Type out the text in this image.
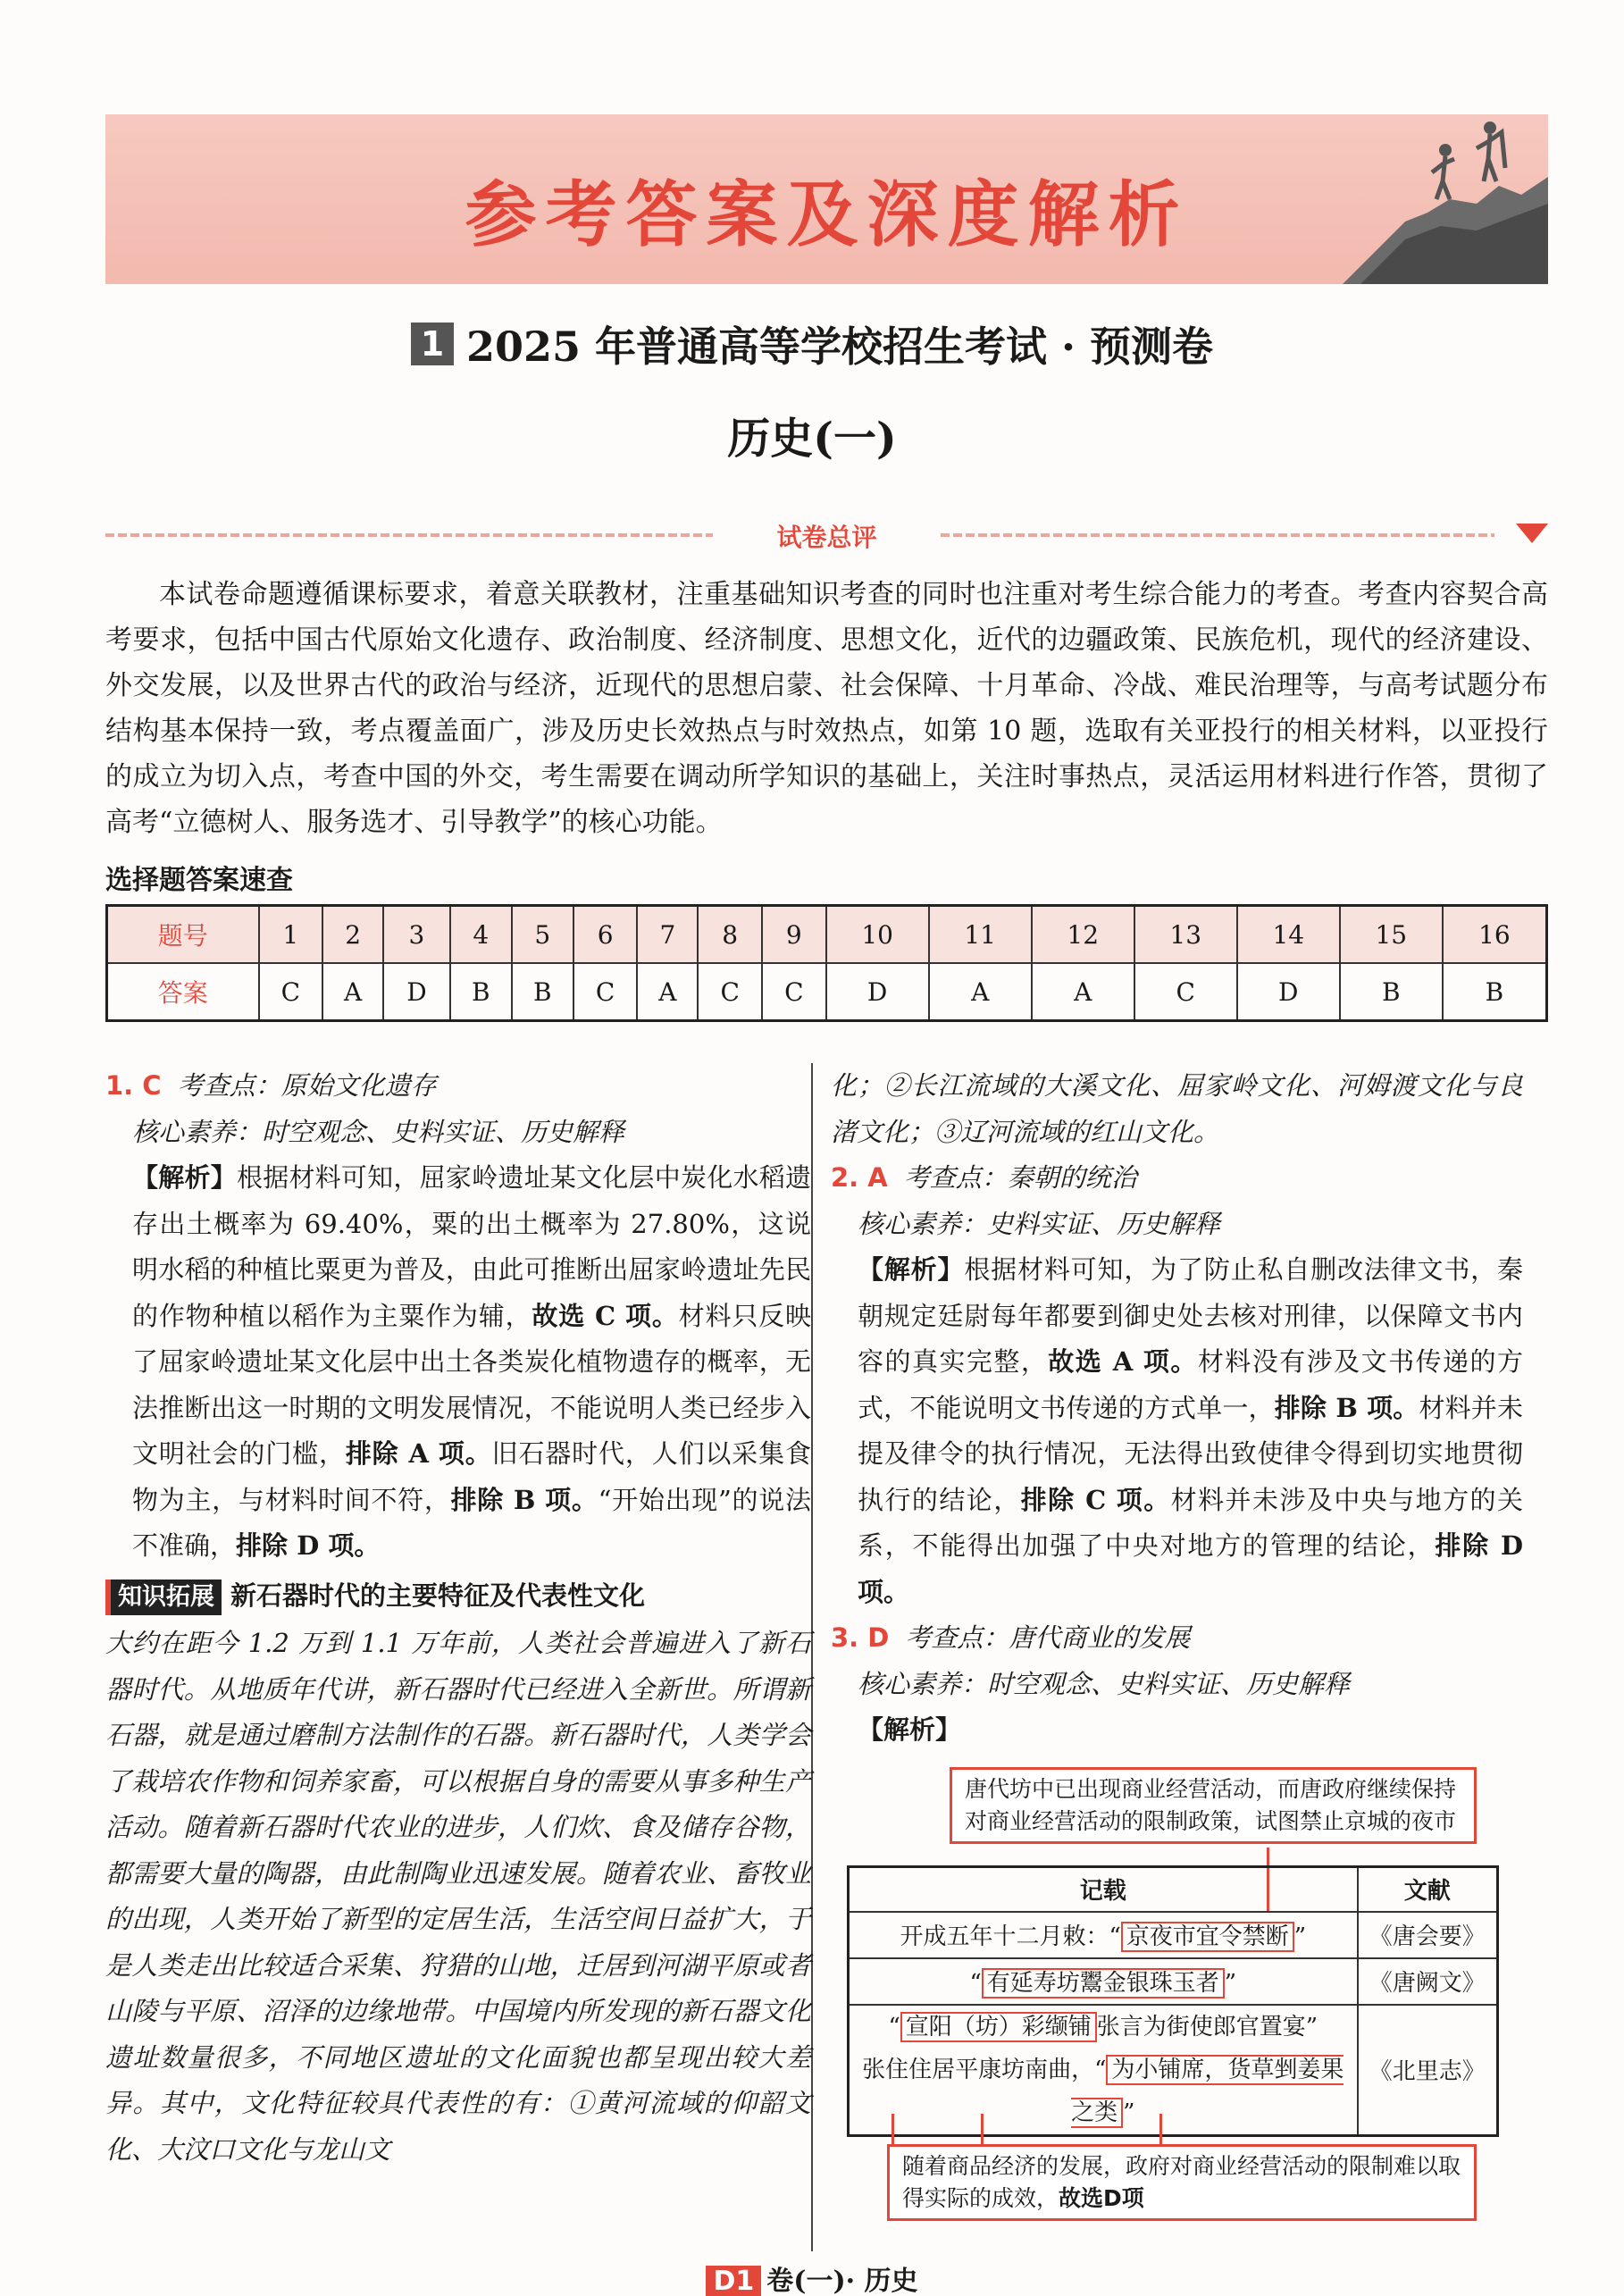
参考答案及深度解析
1 2025 年普通高等学校招生考试 · 预测卷
历史(一)
试卷总评
本试卷命题遵循课标要求，着意关联教材，注重基础知识考查的同时也注重对考生综合能力的考查。考查内容契合高考要求，包括中国古代原始文化遗存、政治制度、经济制度、思想文化，近代的边疆政策、民族危机，现代的经济建设、外交发展，以及世界古代的政治与经济，近现代的思想启蒙、社会保障、十月革命、冷战、难民治理等，与高考试题分布结构基本保持一致，考点覆盖面广，涉及历史长效热点与时效热点，如第 10 题，选取有关亚投行的相关材料，以亚投行的成立为切入点，考查中国的外交，考生需要在调动所学知识的基础上，关注时事热点，灵活运用材料进行作答，贯彻了高考“立德树人、服务选才、引导教学”的核心功能。
选择题答案速查
题号	1	2	3	4	5	6	7	8	9	10	11	12	13	14	15	16
答案	C	A	D	B	B	C	A	C	C	D	A	A	C	D	B	B
1. C 考查点：原始文化遗存
核心素养：时空观念、史料实证、历史解释
【解析】根据材料可知，屈家岭遗址某文化层中炭化水稻遗存出土概率为 69.40%，粟的出土概率为 27.80%，这说明水稻的种植比粟更为普及，由此可推断出屈家岭遗址先民的作物种植以稻作为主粟作为辅，故选 C 项。材料只反映了屈家岭遗址某文化层中出土各类炭化植物遗存的概率，无法推断出这一时期的文明发展情况，不能说明人类已经步入文明社会的门槛，排除 A 项。旧石器时代，人们以采集食物为主，与材料时间不符，排除 B 项。“开始出现”的说法不准确，排除 D 项。
知识拓展 新石器时代的主要特征及代表性文化
大约在距今 1.2 万到 1.1 万年前，人类社会普遍进入了新石器时代。从地质年代讲，新石器时代已经进入全新世。所谓新石器，就是通过磨制方法制作的石器。新石器时代，人类学会了栽培农作物和饲养家畜，可以根据自身的需要从事多种生产活动。随着新石器时代农业的进步，人们炊、食及储存谷物，都需要大量的陶器，由此制陶业迅速发展。随着农业、畜牧业的出现，人类开始了新型的定居生活，生活空间日益扩大，于是人类走出比较适合采集、狩猎的山地，迁居到河湖平原或者山陵与平原、沼泽的边缘地带。中国境内所发现的新石器文化遗址数量很多，不同地区遗址的文化面貌也都呈现出较大差异。其中，文化特征较具代表性的有：①黄河流域的仰韶文化、大汶口文化与龙山文
化；②长江流域的大溪文化、屈家岭文化、河姆渡文化与良渚文化；③辽河流域的红山文化。
2. A 考查点：秦朝的统治
核心素养：史料实证、历史解释
【解析】根据材料可知，为了防止私自删改法律文书，秦朝规定廷尉每年都要到御史处去核对刑律，以保障文书内容的真实完整，故选 A 项。材料没有涉及文书传递的方式，不能说明文书传递的方式单一，排除 B 项。材料并未提及律令的执行情况，无法得出致使律令得到切实地贯彻执行的结论，排除 C 项。材料并未涉及中央与地方的关系，不能得出加强了中央对地方的管理的结论，排除 D 项。
3. D 考查点：唐代商业的发展
核心素养：时空观念、史料实证、历史解释
【解析】
唐代坊中已出现商业经营活动，而唐政府继续保持对商业经营活动的限制政策，试图禁止京城的夜市
记载	文献
开成五年十二月敕：“ 京夜市宜令禁断 ”	《唐会要》
“ 有延寿坊鬻金银珠玉者 ”	《唐阙文》

“ 宣阳（坊）彩缬铺 张言为街使郎官置宴”
张住住居平康坊南曲，“ 为小铺席，货草剉姜果之类 ”	《北里志》
随着商品经济的发展，政府对商业经营活动的限制难以取得实际的成效，故选D项
D1 卷(一)· 历史
